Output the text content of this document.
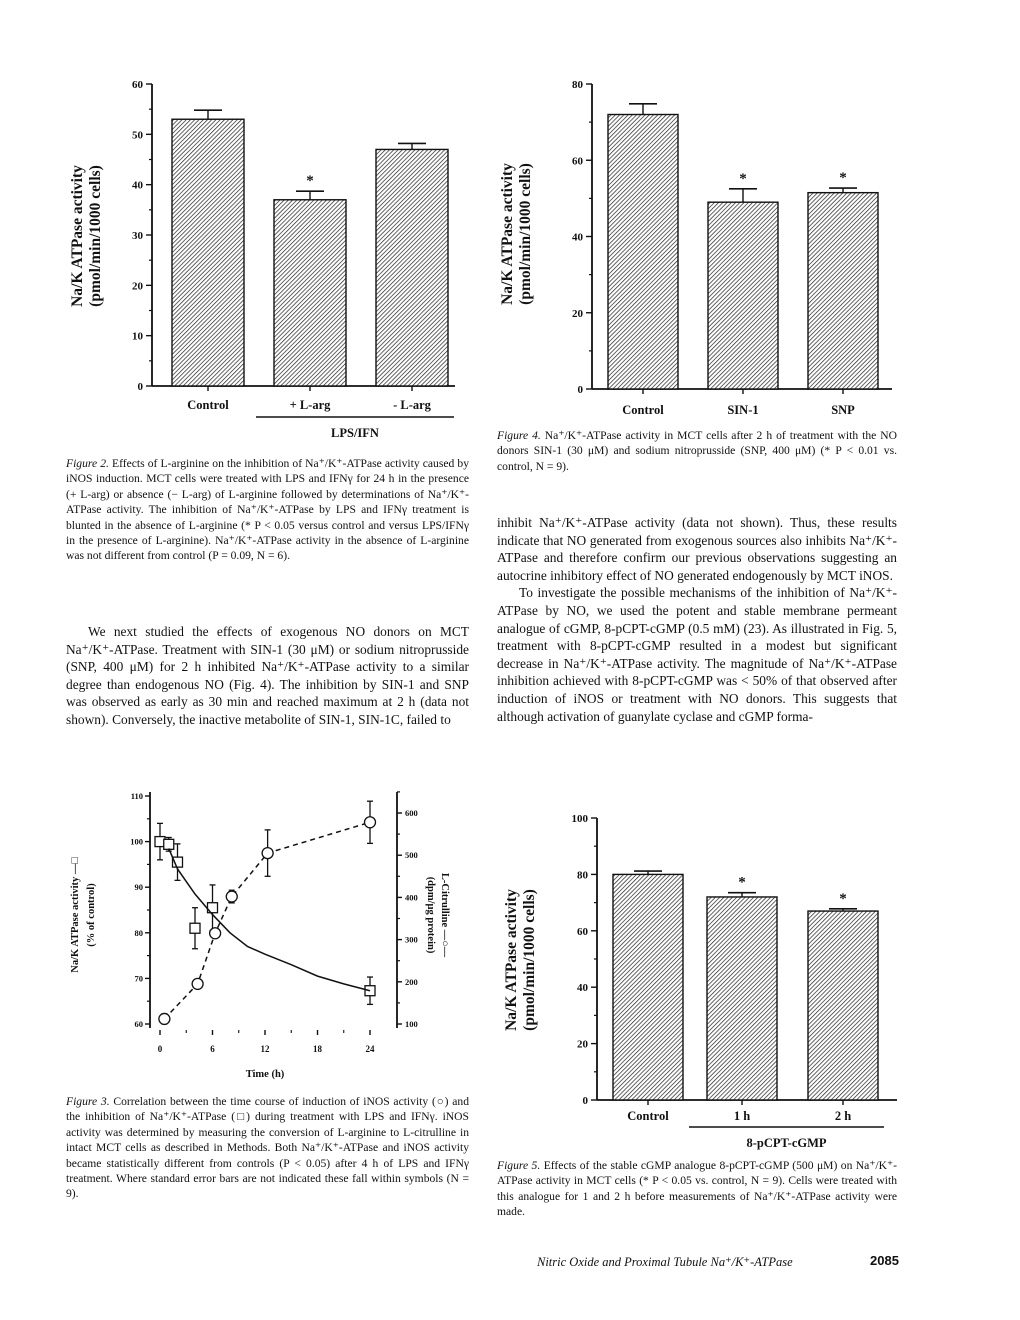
0
10
20
30
40
50
60
Na/K ATPase activity (pmol/min/1000 cells)
Control	+ L-arg
*
- L-arg
LPS/IFN
0
20
40
60
80
Na/K ATPase activity (pmol/min/1000 cells)
Control	SIN-1
*
SNP
*
0
20
40
60
80
100
Na/K ATPase activity (pmol/min/1000 cells)
Control	1 h
*
2 h
*
8-pCPT-cGMP
60
70
80
90
100
110
100
200
300
400
500
600
0	6	12	18	24
Time (h)
Na/K ATPase activity —□ (% of control)	L-Citrulline —○—
(dpm/μg protein)
Figure 2. Effects of L-arginine on the inhibition of Na⁺/K⁺-ATPase activity caused by iNOS induction. MCT cells were treated with LPS and IFNγ for 24 h in the presence (+ L-arg) or absence (− L-arg) of L-arginine followed by determinations of Na⁺/K⁺-ATPase activity. The inhibition of Na⁺/K⁺-ATPase by LPS and IFNγ treatment is blunted in the absence of L-arginine (* P < 0.05 versus control and versus LPS/IFNγ in the presence of L-arginine). Na⁺/K⁺-ATPase activity in the absence of L-arginine was not different from control (P = 0.09, N = 6).

We next studied the effects of exogenous NO donors on MCT Na⁺/K⁺-ATPase. Treatment with SIN-1 (30 μM) or sodium nitroprusside (SNP, 400 μM) for 2 h inhibited Na⁺/K⁺-ATPase activity to a similar degree than endogenous NO (Fig. 4). The inhibition by SIN-1 and SNP was observed as early as 30 min and reached maximum at 2 h (data not shown). Conversely, the inactive metabolite of SIN-1, SIN-1C, failed to

Figure 4. Na⁺/K⁺-ATPase activity in MCT cells after 2 h of treatment with the NO donors SIN-1 (30 μM) and sodium nitroprusside (SNP, 400 μM) (* P < 0.01 vs. control, N = 9).

inhibit Na⁺/K⁺-ATPase activity (data not shown). Thus, these results indicate that NO generated from exogenous sources also inhibits Na⁺/K⁺-ATPase and therefore confirm our previous observations suggesting an autocrine inhibitory effect of NO generated endogenously by MCT iNOS.

To investigate the possible mechanisms of the inhibition of Na⁺/K⁺-ATPase by NO, we used the potent and stable membrane permeant analogue of cGMP, 8-pCPT-cGMP (0.5 mM) (23). As illustrated in Fig. 5, treatment with 8-pCPT-cGMP resulted in a modest but significant decrease in Na⁺/K⁺-ATPase activity. The magnitude of Na⁺/K⁺-ATPase inhibition achieved with 8-pCPT-cGMP was < 50% of that observed after induction of iNOS or treatment with NO donors. This suggests that although activation of guanylate cyclase and cGMP forma-

Figure 3. Correlation between the time course of induction of iNOS activity (○) and the inhibition of Na⁺/K⁺-ATPase (□) during treatment with LPS and IFNγ. iNOS activity was determined by measuring the conversion of L-arginine to L-citrulline in intact MCT cells as described in Methods. Both Na⁺/K⁺-ATPase and iNOS activity became statistically different from controls (P < 0.05) after 4 h of LPS and IFNγ treatment. Where standard error bars are not indicated these fall within symbols (N = 9).
Figure 5. Effects of the stable cGMP analogue 8-pCPT-cGMP (500 μM) on Na⁺/K⁺-ATPase activity in MCT cells (* P < 0.05 vs. control, N = 9). Cells were treated with this analogue for 1 and 2 h before measurements of Na⁺/K⁺-ATPase activity were made.
Nitric Oxide and Proximal Tubule Na⁺/K⁺-ATPase	2085
